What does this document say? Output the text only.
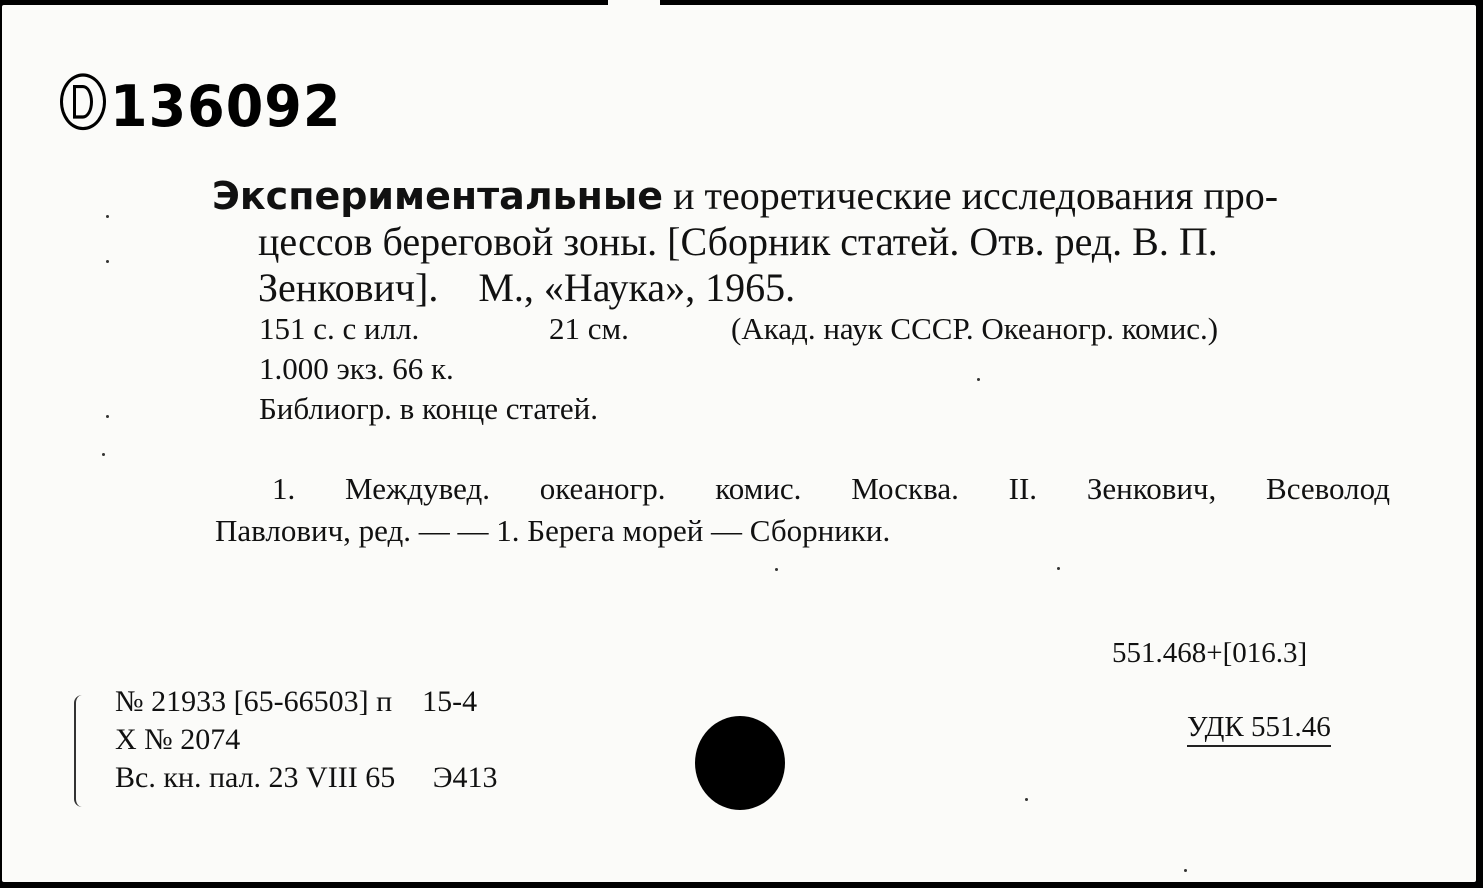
136092
Экспериментальные и теоретические исследования про-
цессов береговой зоны. [Сборник статей. Отв. ред. В. П.
Зенкович].    М., «Наука», 1965.
151 с. с илл.	21 см.	(Акад. наук СССР. Океаногр. комис.)
1.000 экз. 66 к.
Библиогр. в конце статей.
1. Междувед. океаногр. комис. Москва. II. Зенкович, Всеволод
Павлович, ред. — — 1. Берега морей — Сборники.
551.468+[016.3]
УДК 551.46
№ 21933 [65-66503] п    15-4
X № 2074
Вс. кн. пал. 23 VIII 65     Э413
